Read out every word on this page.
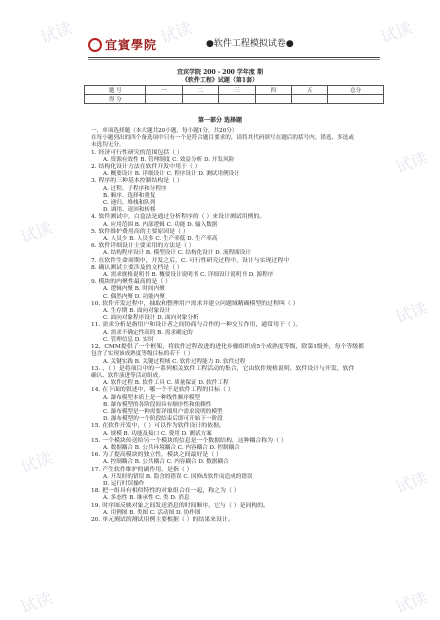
宜賓學院	●软件工程模拟试卷●
宜宾学院 200 - 200 学年度 期
《软件工程》试题（第1套）
题 号	一	二	三	四	五	总分
得 分						
第一部分 选择题
一、单项选择题（本大题共20小题，每小题1分，共20分）
在每小题列出的四个备选项中只有一个是符合题目要求的，请将其代码填写在题后的括号内。错选、多选或
未选均无分。
1. 经济可行性研究的范围包括（ ）
A. 资源有效性 B. 管理制度 C. 效益分析 D. 开发风险
2. 结构化设计方法在软件开发中用于（ ）
A. 概要设计 B. 详细设计 C. 程序设计 D. 测试用例设计
3. 程序的三种基本控制结构是（ ）
A. 过程、子程序和分程序
B. 顺序、选择和重复
C. 递归、堆栈和队列
D. 调用、返回和转移
4. 软件测试中，白盒法是通过分析程序的（ ）来设计测试用例的。
A. 应用范围 B. 内部逻辑 C. 功能 D. 输入数据
5. 软件维护费用高的主要原因是（ ）
A. 人员少 B. 人员多 C. 生产率低 D. 生产率高
6. 软件详细设计主要采用的方法是（ ）
A. 结构程序设计 B. 模型设计 C. 结构化设计 D. 流程图设计
7. 在软件生命周期中，开发之后，C. 可行性研究过程中，设计与实现过程中
8. 确认测试主要涉及的文档是（ ）
A. 需求规格说明书 B. 概要设计说明书 C. 详细设计说明书 D. 源程序
9. 模块的内聚性最高的是（ ）
A. 逻辑内聚 B. 时间内聚
C. 偶然内聚 D. 功能内聚
10. 软件开发过程中，抽取和整理用户需求并建立问题域精确模型的过程叫（ ）
A. 生存期 B. 面向对象设计
C. 面向对象程序设计 D. 面向对象分析
11. 需求分析是指用户和设计者之间协商与合作的一种交互作用，通常用于（ ）。
A. 需求不确定性高的 B. 需求确定的
C. 管理信息 D. 实时
12、CMM提供了一个框架，将软件过程改进的进化步骤组织成5个成熟度等级，除第1级外，每个等级都
包含了实现该成熟度等级目标的若干（ ）
A. 关键实践 B. 关键过程域 C. 软件过程能力 D. 软件过程
13. 、（ ）是将项目中的一系列相关软件工程活动的集合，它由软件规格说明、软件设计与开发、软件
确认、软件演进等活动组成。
A. 软件过程 B. 软件工具 C. 质量保证 D. 软件工程
14. 在下面的叙述中，哪一个不是软件工程的目标（ ）
A. 瀑布模型本质上是一种线性顺序模型
B. 瀑布模型的各阶段间具有顺序性和依赖性
C. 瀑布模型是一种需要详细用户需求说明的模型
D. 瀑布模型的一个阶段结束后即可开始下一阶段
15. 在软件开发中，（ ）可以作为软件设计的依据。
A. 规模 B. 功能及接口 C. 费用 D. 测试方案
15. 一个模块传送给另一个模块的信息是一个数据结构，这种耦合称为（ ）
A. 数据耦合 B. 公共环境耦合 C. 内容耦合 D. 控制耦合
16. 为了提高模块的独立性，模块之间最好是（ ）
A. 控制耦合 B. 公共耦合 C. 内容耦合 D. 数据耦合
17. 产生软件维护的副作用，是指（ ）
A. 开发时的错误 B. 隐含的错误 C. 因修改软件而造成的错误
D. 运行时误操作
18. 把一组具有相似特性的对象组合在一起，称之为（ ）
A. 多态性 B. 继承性 C. 类 D. 消息
19. 时序图反映对象之间发送消息的时间顺序，它与（ ）是同构的。
A. 用例图 B. 类图 C. 活动图 D. 协作图
20. 单元测试的测试用例主要根据（ ）的结果来设计。
试读	试读	试读
试读
试读
试读
试读
试读
试读	试读
